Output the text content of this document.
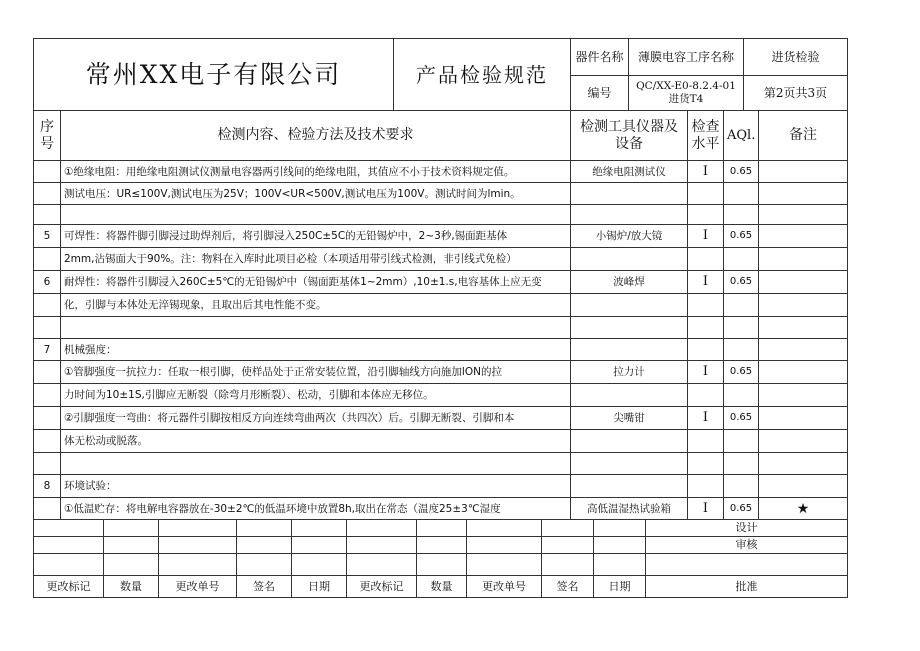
常州XX电子有限公司	产品检验规范	器件名称	薄膜电容工序名称	进货检验
		编号	QC/XX-E0-8.2.4-01进货T4	第2页共3页
序号	检测内容、检验方法及技术要求	检测工具仪器及设备	检查水平	AQl.	备注
	①绝缘电阻：用绝缘电阻测试仪测量电容器两引线间的绝缘电阻，其值应不小于技术资料规定值。	绝缘电阻测试仪	I	0.65	
	测试电压：UR≤100V,测试电压为25V；100V<UR<500V,测试电压为100V。测试时间为lmin。				

5	可焊性：将器件脚引脚浸过助焊剂后，将引脚浸入250C±5C的无铅锡炉中，2~3秒,锡面距基体	小锡炉/放大镜	I	0.65	
	2mm,沾锡面大于90%。注：物料在入库时此项目必检（本项适用带引线式检测，非引线式免检）				
6	耐焊性：将器件引脚浸入260C±5℃的无铅锡炉中（锡面距基体1~2mm）,10±1.s,电容基体上应无变	波峰焊	I	0.65	
	化，引脚与本体处无淬锡现象，且取出后其电性能不变。				

7	机械强度：				
	①管脚强度一抗拉力：任取一根引脚，使样品处于正常安装位置，沿引脚轴线方向施加lON的拉	拉力计	I	0.65	
	力时间为10±1S,引脚应无断裂（除弯月形断裂）、松动，引脚和本体应无移位。				
	②引脚强度一弯曲：将元器件引脚按相反方向连续弯曲两次（共四次）后。引脚无断裂、引脚和本	尖嘴钳	I	0.65	
	体无松动或脱落。				

8	环境试验：				
	①低温贮存：将电解电容器放在-30±2℃的低温环境中放置8h,取出在常态（温度25±3℃湿度	高低温湿热试验箱	I	0.65	★
										设计
										审核

更改标记	数量	更改单号	签名	日期	更改标记	数量	更改单号	签名	日期	批准
